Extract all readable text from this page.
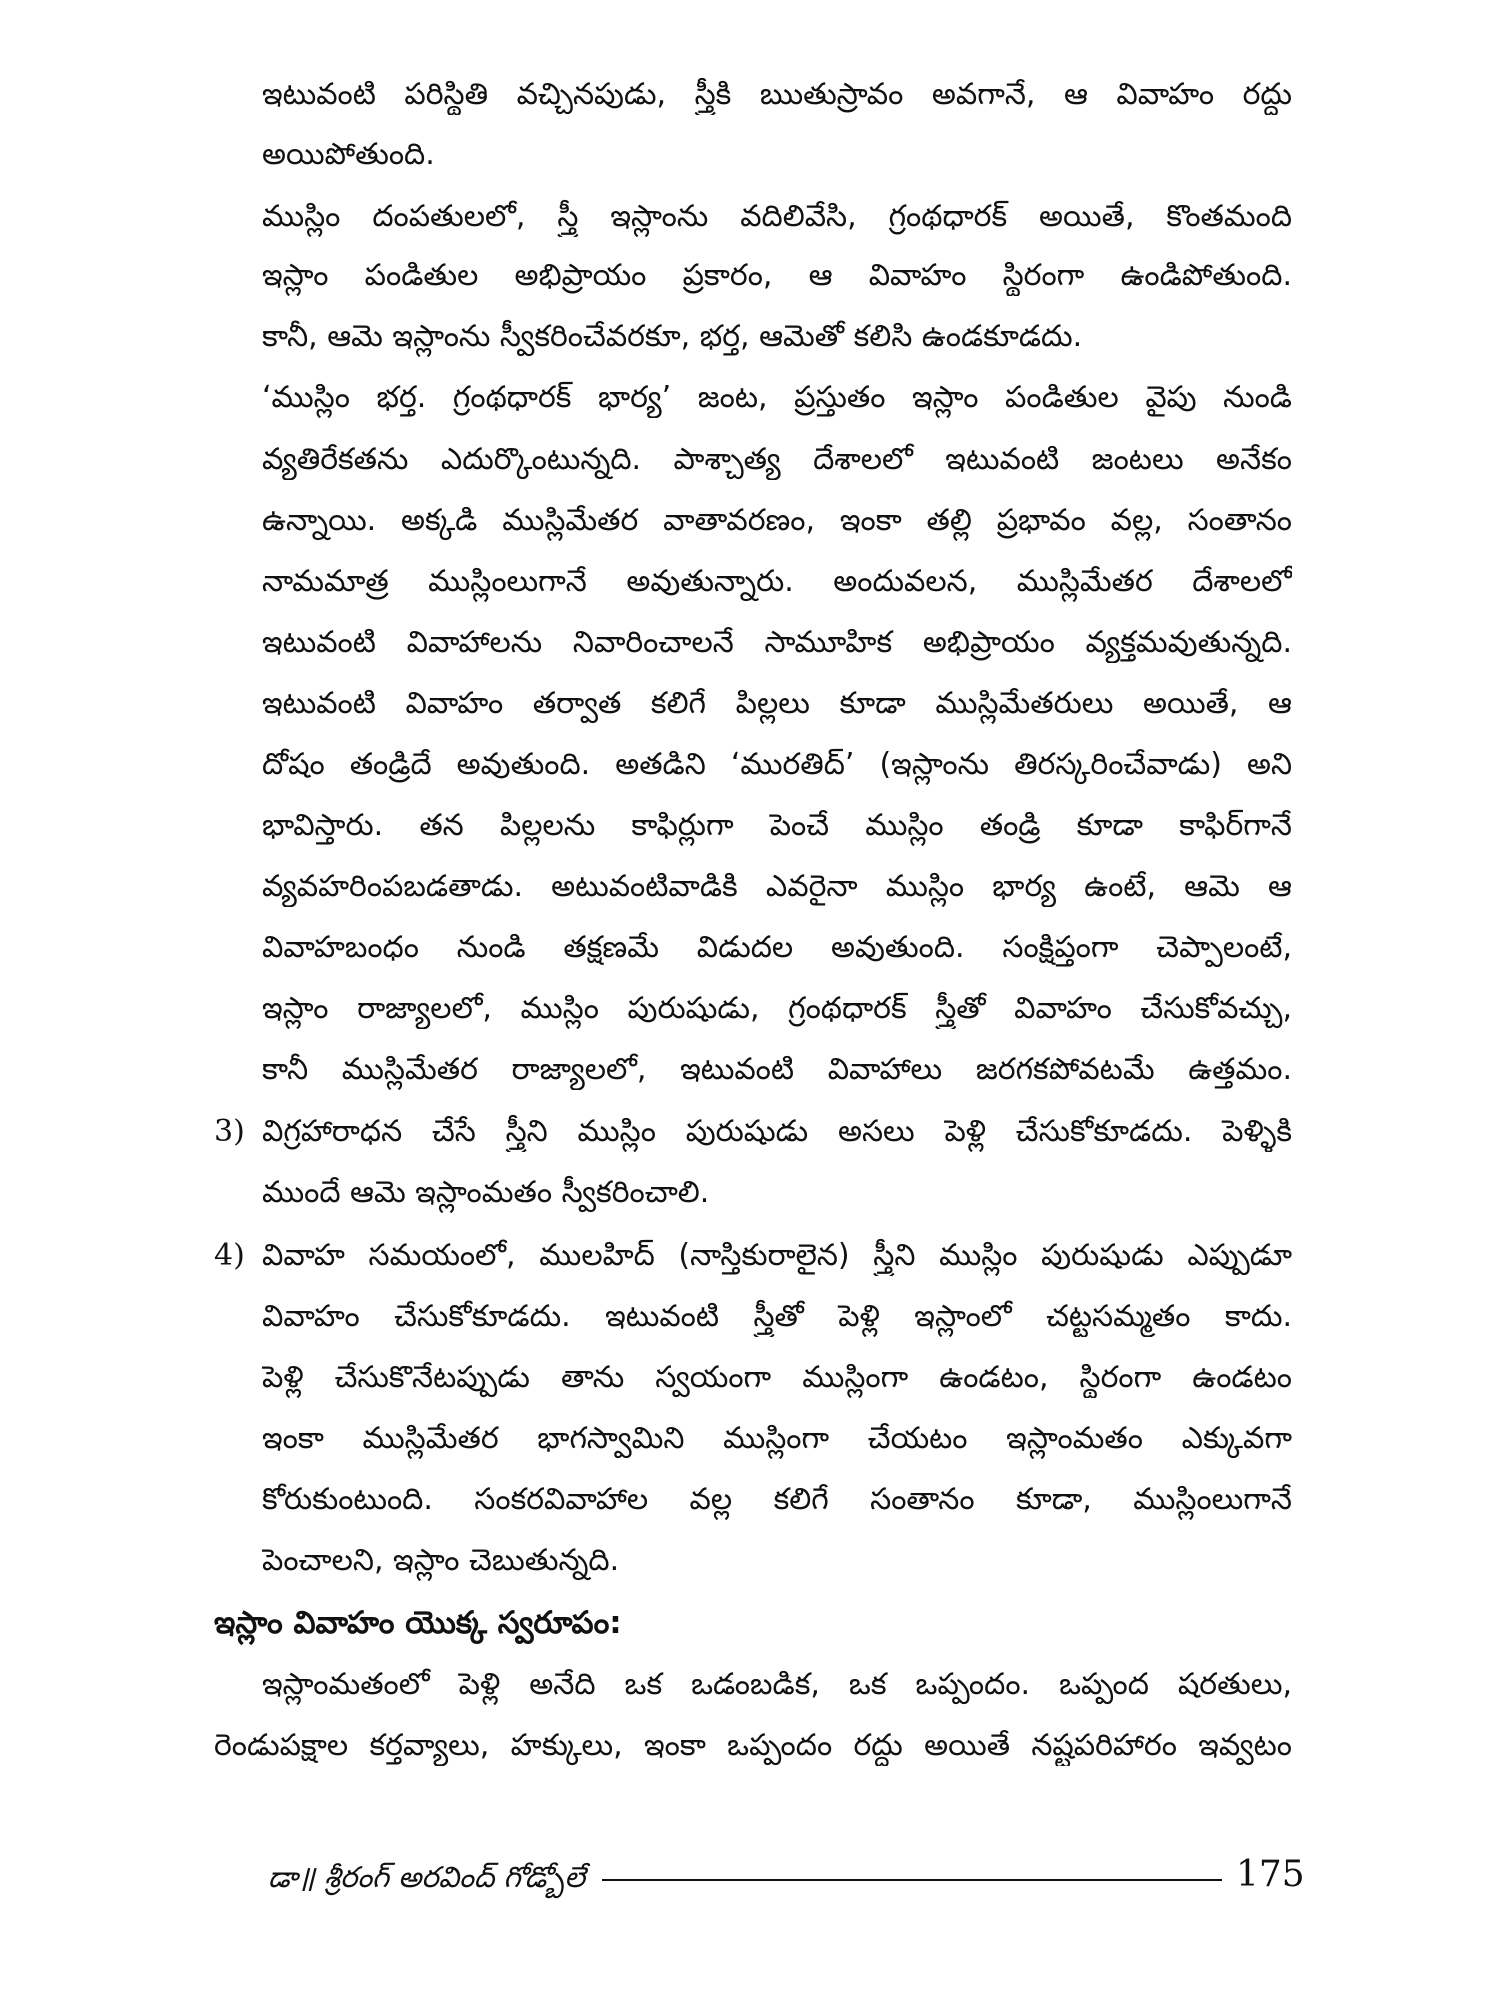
ఇటువంటి పరిస్థితి వచ్చినపుడు, స్త్రీకి ఋతుస్రావం అవగానే, ఆ వివాహం రద్దు
అయిపోతుంది.
ముస్లిం దంపతులలో, స్త్రీ ఇస్లాంను వదిలివేసి, గ్రంథధారక్ అయితే, కొంతమంది
ఇస్లాం పండితుల అభిప్రాయం ప్రకారం, ఆ వివాహం స్థిరంగా ఉండిపోతుంది.
కానీ, ఆమె ఇస్లాంను స్వీకరించేవరకూ, భర్త, ఆమెతో కలిసి ఉండకూడదు.
‘ముస్లిం భర్త. గ్రంథధారక్ భార్య’ జంట, ప్రస్తుతం ఇస్లాం పండితుల వైపు నుండి
వ్యతిరేకతను ఎదుర్కొంటున్నది. పాశ్చాత్య దేశాలలో ఇటువంటి జంటలు అనేకం
ఉన్నాయి. అక్కడి ముస్లిమేతర వాతావరణం, ఇంకా తల్లి ప్రభావం వల్ల, సంతానం
నామమాత్ర ముస్లింలుగానే అవుతున్నారు. అందువలన, ముస్లిమేతర దేశాలలో
ఇటువంటి వివాహాలను నివారించాలనే సామూహిక అభిప్రాయం వ్యక్తమవుతున్నది.
ఇటువంటి వివాహం తర్వాత కలిగే పిల్లలు కూడా ముస్లిమేతరులు అయితే, ఆ
దోషం తండ్రిదే అవుతుంది. అతడిని ‘మురతిద్’ (ఇస్లాంను తిరస్కరించేవాడు) అని
భావిస్తారు. తన పిల్లలను కాఫిర్లుగా పెంచే ముస్లిం తండ్రి కూడా కాఫిర్‌గానే
వ్యవహరింపబడతాడు. అటువంటివాడికి ఎవరైనా ముస్లిం భార్య ఉంటే, ఆమె ఆ
వివాహబంధం నుండి తక్షణమే విడుదల అవుతుంది. సంక్షిప్తంగా చెప్పాలంటే,
ఇస్లాం రాజ్యాలలో, ముస్లిం పురుషుడు, గ్రంథధారక్ స్త్రీతో వివాహం చేసుకోవచ్చు,
కానీ ముస్లిమేతర రాజ్యాలలో, ఇటువంటి వివాహాలు జరగకపోవటమే ఉత్తమం.
3) విగ్రహారాధన చేసే స్త్రీని ముస్లిం పురుషుడు అసలు పెళ్లి చేసుకోకూడదు. పెళ్ళికి
ముందే ఆమె ఇస్లాంమతం స్వీకరించాలి.
4) వివాహ సమయంలో, ములహిద్ (నాస్తికురాలైన) స్త్రీని ముస్లిం పురుషుడు ఎప్పుడూ
వివాహం చేసుకోకూడదు. ఇటువంటి స్త్రీతో పెళ్లి ఇస్లాంలో చట్టసమ్మతం కాదు.
పెళ్లి చేసుకొనేటప్పుడు తాను స్వయంగా ముస్లింగా ఉండటం, స్థిరంగా ఉండటం
ఇంకా ముస్లిమేతర భాగస్వామిని ముస్లింగా చేయటం ఇస్లాంమతం ఎక్కువగా
కోరుకుంటుంది. సంకరవివాహాల వల్ల కలిగే సంతానం కూడా, ముస్లింలుగానే
పెంచాలని, ఇస్లాం చెబుతున్నది.
ఇస్లాం వివాహం యొక్క స్వరూపం:
ఇస్లాంమతంలో పెళ్లి అనేది ఒక ఒడంబడిక, ఒక ఒప్పందం. ఒప్పంద షరతులు,
రెండుపక్షాల కర్తవ్యాలు, హక్కులు, ఇంకా ఒప్పందం రద్దు అయితే నష్టపరిహారం ఇవ్వటం
డా॥ శ్రీరంగ్ అరవింద్ గోడ్బోలే	175
